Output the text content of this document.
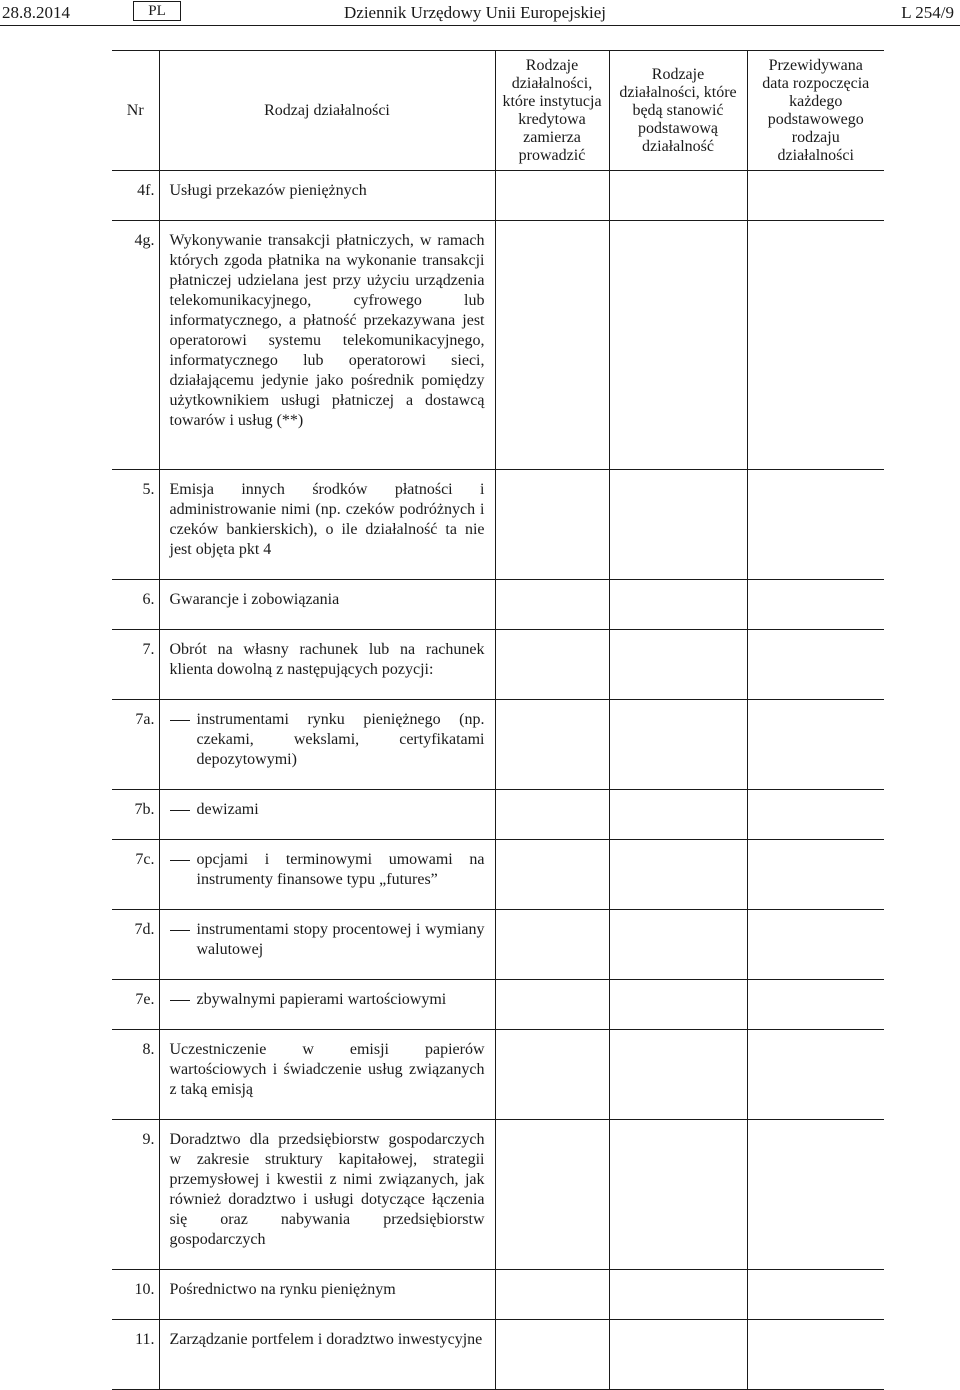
28.8.2014	PL	Dziennik Urzędowy Unii Europejskiej	L 254/9
Nr	Rodzaj działalności	Rodzaje działalności, które instytucja kredytowa zamierza prowadzić	Rodzaje działalności, które będą stanowić podstawową działalność	Przewidywana data rozpoczęcia każdego podstawowego rodzaju działalności
4f.	Usługi przekazów pieniężnych			
4g.	Wykonywanie transakcji płatniczych, w ramach których zgoda płatnika na wykonanie transakcji płatniczej udzielana jest przy użyciu urządzenia telekomunikacyjnego, cyfrowego lub informatycznego, a płatność przekazywana jest operatorowi systemu telekomunikacyjnego, informatycznego lub operatorowi sieci, działającemu jedynie jako pośrednik pomiędzy użytkownikiem usługi płatniczej a dostawcą towarów i usług (**)			
5.	Emisja innych środków płatności i administrowanie nimi (np. czeków podróżnych i czeków bankierskich), o ile działalność ta nie jest objęta pkt 4			
6.	Gwarancje i zobowiązania			
7.	Obrót na własny rachunek lub na rachunek klienta dowolną z następujących pozycji:			
7a.	instrumentami rynku pieniężnego (np. czekami, wekslami, certyfikatami depozytowymi)			

7b.	dewizami			

7c.	opcjami i terminowymi umowami na instrumenty finansowe typu „futures”			

7d.	instrumentami stopy procentowej i wymiany walutowej			

7e.	zbywalnymi papierami wartościowymi			

8.	Uczestniczenie w emisji papierów wartościowych i świadczenie usług związanych z taką emisją			
9.	Doradztwo dla przedsiębiorstw gospodarczych w zakresie struktury kapitałowej, strategii przemysłowej i kwestii z nimi związanych, jak również doradztwo i usługi dotyczące łączenia się oraz nabywania przedsiębiorstw gospodarczych			
10.	Pośrednictwo na rynku pieniężnym			
11.	Zarządzanie portfelem i doradztwo inwestycyjne			
